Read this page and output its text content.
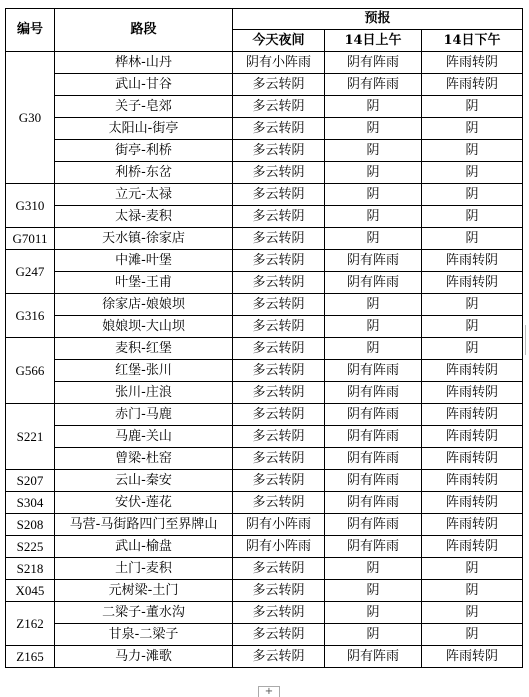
编号	路段	预报		
		今天夜间	14日上午	14日下午
G30	桦林-山丹	阴有小阵雨	阴有阵雨	阵雨转阴
	武山-甘谷	多云转阴	阴有阵雨	阵雨转阴
	关子-皂郊	多云转阴	阴	阴
	太阳山-街亭	多云转阴	阴	阴
	街亭-利桥	多云转阴	阴	阴
	利桥-东岔	多云转阴	阴	阴
G310	立元-太禄	多云转阴	阴	阴
	太禄-麦积	多云转阴	阴	阴
G7011	天水镇-徐家店	多云转阴	阴	阴
G247	中滩-叶堡	多云转阴	阴有阵雨	阵雨转阴
	叶堡-王甫	多云转阴	阴有阵雨	阵雨转阴
G316	徐家店-娘娘坝	多云转阴	阴	阴
	娘娘坝-大山坝	多云转阴	阴	阴
G566	麦积-红堡	多云转阴	阴	阴
	红堡-张川	多云转阴	阴有阵雨	阵雨转阴
	张川-庄浪	多云转阴	阴有阵雨	阵雨转阴
S221	赤门-马鹿	多云转阴	阴有阵雨	阵雨转阴
	马鹿-关山	多云转阴	阴有阵雨	阵雨转阴
	曾梁-杜窑	多云转阴	阴有阵雨	阵雨转阴
S207	云山-秦安	多云转阴	阴有阵雨	阵雨转阴
S304	安伏-莲花	多云转阴	阴有阵雨	阵雨转阴
S208	马营-马街路四门至界牌山	阴有小阵雨	阴有阵雨	阵雨转阴
S225	武山-榆盘	阴有小阵雨	阴有阵雨	阵雨转阴
S218	土门-麦积	多云转阴	阴	阴
X045	元树梁-土门	多云转阴	阴	阴
Z162	二梁子-董水沟	多云转阴	阴	阴
	甘泉-二梁子	多云转阴	阴	阴
Z165	马力-滩歌	多云转阴	阴有阵雨	阵雨转阴
+
